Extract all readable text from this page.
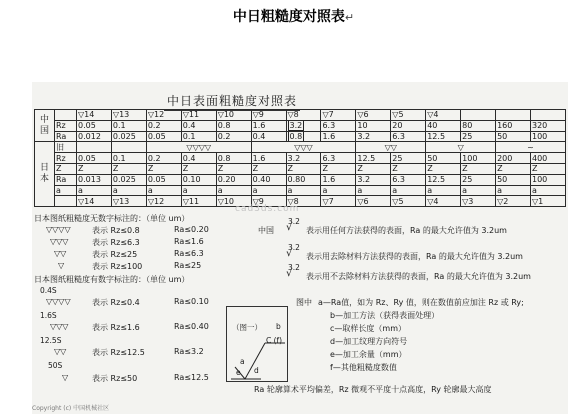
中日粗糙度对照表↵
中日表面粗糙度对照表
中国		▽14	▽13	▽12	▽11	▽10	▽9	▽8	▽7	▽6	▽5	▽4			
	Rz	0.05	0.1	0.2	0.4	0.8	1.6	3.2	6.3	10	20	40	80	160	320
	Ra	0.012	0.025	0.05	0.1	0.2	0.4	0.8	1.6	3.2	6.3	12.5	25	50	100
日本	旧			▽▽▽▽			▽▽▽			▽▽		▽		~	
	Rz	0.05	0.1	0.2	0.4	0.8	1.6	3.2	6.3	12.5	25	50	100	200	400
	Z	Z	Z	Z	Z	Z	Z	Z	Z	Z	Z	Z	Z	Z	Z
	Ra	0.013	0.025	0.05	0.10	0.20	0.40	0.80	1.6	3.2	6.3	12.5	25	50	100
	a	a	a	a	a	a	a	a	a	a	a	a	a	a	a
		▽14	▽13	▽12	▽11	▽10	▽9	▽8	▽7	▽6	▽5	▽4	▽3	▽2	▽1
cad3ds.com
日本图纸粗糙度无数字标注的：（单位 um）
▽▽▽▽	表示 Rz≤0.8	Ra≤0.20
▽▽▽	表示 Rz≤6.3	Ra≤1.6
▽▽	表示 Rz≤25	Ra≤6.3
▽	表示 Rz≤100	Ra≤25
日本图纸粗糙度有数字标注的：（单位 um）
0.4S
▽▽▽▽	表示 Rz≤0.4	Ra≤0.10
1.6S
▽▽▽	表示 Rz≤1.6	Ra≤0.40
12.5S
▽▽	表示 Rz≤12.5	Ra≤3.2
50S
▽	表示 Rz≤50	Ra≤12.5
中国
3.2
√ 表示用任何方法获得的表面，Ra 的最大允许值为 3.2um
3.2
√ 表示用去除材料方法获得的表面，Ra 的最大允许值为 3.2um
3.2
√ 表示用不去除材料方法获得的表面，Ra 的最大允许值为 3.2um
（图一） b
C (f)
a
d
e
图中 a—Ra值，如为 Rz、Ry 值，则在数值前应加注 Rz 或 Ry;
b—加工方法（获得表面处理）
c—取样长度（mm）
d—加工纹理方向符号
e—加工余量（mm）
f—其他粗糙度数值
Ra 轮廓算术平均偏差，Rz 微观不平度十点高度，Ry 轮廓最大高度
Copyright (c) 中国机械社区
